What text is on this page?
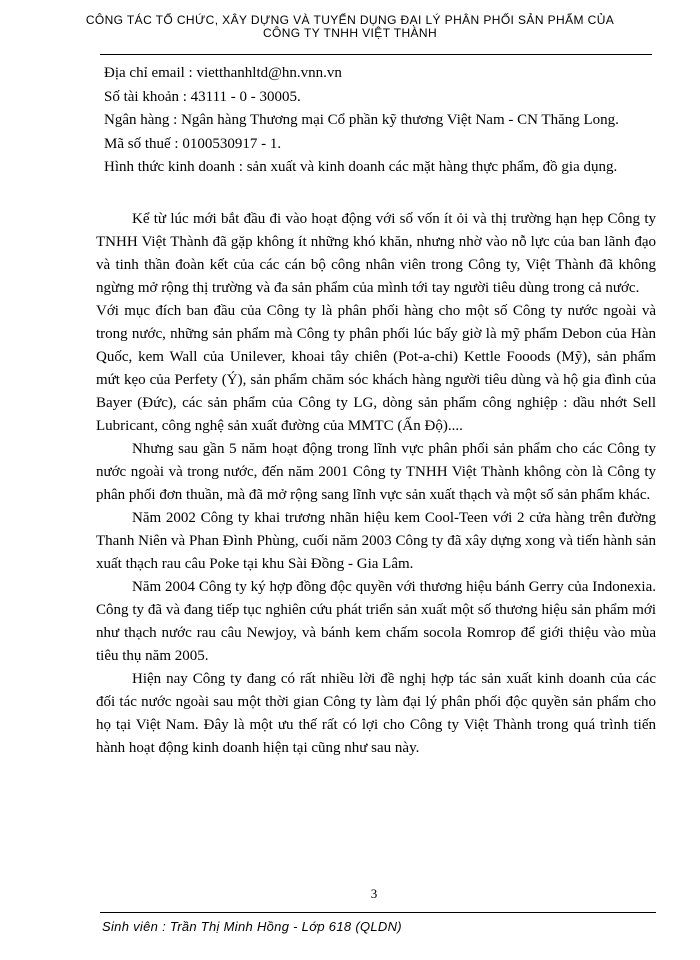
CÔNG TÁC TỔ CHỨC, XÂY DỰNG VÀ TUYỂN DỤNG ĐẠI LÝ PHÂN PHỐI SẢN PHẨM CỦA
CÔNG TY TNHH VIỆT THÀNH
Địa chỉ email : vietthanhltd@hn.vnn.vn
Số tài khoản : 43111 - 0 - 30005.
Ngân hàng : Ngân hàng Thương mại Cổ phần kỹ thương Việt Nam - CN Thăng Long.
Mã số thuế : 0100530917 - 1.
Hình thức kinh doanh : sản xuất và kinh doanh các mặt hàng thực phẩm, đồ gia dụng.

Kể từ lúc mới bắt đầu đi vào hoạt động với số vốn ít ỏi và thị trường hạn hẹp Công ty TNHH Việt Thành đã gặp không ít những khó khăn, nhưng nhờ vào nỗ lực của ban lãnh đạo và tinh thần đoàn kết của các cán bộ công nhân viên trong Công ty, Việt Thành đã không ngừng mở rộng thị trường và đa sản phẩm của mình tới tay người tiêu dùng trong cả nước.

Với mục đích ban đầu của Công ty là phân phối hàng cho một số Công ty nước ngoài và trong nước, những sản phẩm mà Công ty phân phối lúc bấy giờ là mỹ phẩm Debon của Hàn Quốc, kem Wall của Unilever, khoai tây chiên (Pot-a-chi) Kettle Fooods (Mỹ), sản phẩm mứt kẹo của Perfety (Ý), sản phẩm chăm sóc khách hàng người tiêu dùng và hộ gia đình của Bayer (Đức), các sản phẩm của Công ty LG, dòng sản phẩm công nghiệp : dầu nhớt Sell Lubricant, công nghệ sản xuất đường của MMTC (Ấn Độ)....

Nhưng sau gần 5 năm hoạt động trong lĩnh vực phân phối sản phẩm cho các Công ty nước ngoài và trong nước, đến năm 2001 Công ty TNHH Việt Thành không còn là Công ty phân phối đơn thuần, mà đã mở rộng sang lĩnh vực sản xuất thạch và một số sản phẩm khác.

Năm 2002 Công ty khai trương nhãn hiệu kem Cool-Teen với 2 cửa hàng trên đường Thanh Niên và Phan Đình Phùng, cuối năm 2003 Công ty đã xây dựng xong và tiến hành sản xuất thạch rau câu Poke tại khu Sài Đồng - Gia Lâm.

Năm 2004 Công ty ký hợp đồng độc quyền với thương hiệu bánh Gerry của Indonexia. Công ty đã và đang tiếp tục nghiên cứu phát triển sản xuất một số thương hiệu sản phẩm mới như thạch nước rau câu Newjoy, và bánh kem chấm socola Romrop để giới thiệu vào mùa tiêu thụ năm 2005.

Hiện nay Công ty đang có rất nhiều lời đề nghị hợp tác sản xuất kinh doanh của các đối tác nước ngoài sau một thời gian Công ty làm đại lý phân phối độc quyền sản phẩm cho họ tại Việt Nam. Đây là một ưu thế rất có lợi cho Công ty Việt Thành trong quá trình tiến hành hoạt động kinh doanh hiện tại cũng như sau này.

3
Sinh viên : Trần Thị Minh Hồng - Lớp 618 (QLDN)
